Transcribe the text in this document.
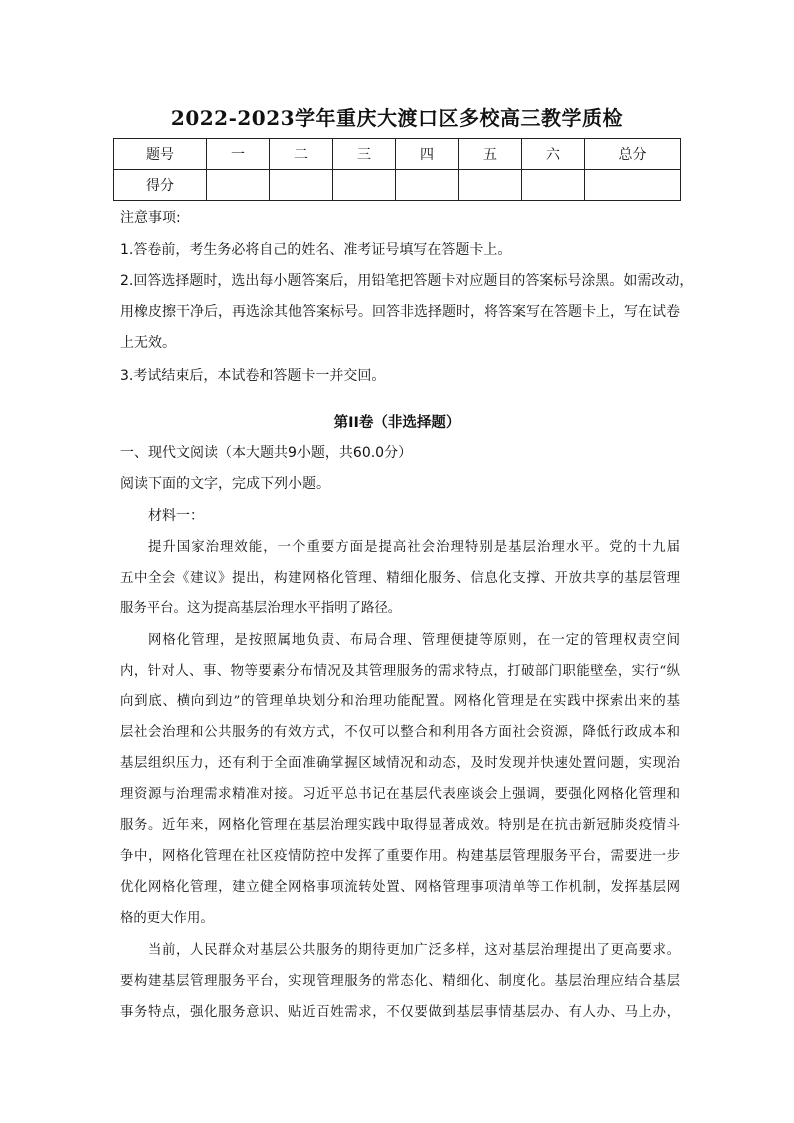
2022-2023学年重庆大渡口区多校高三教学质检
题号	一	二	三	四	五	六	总分
得分							
注意事项:
1.答卷前，考生务必将自己的姓名、准考证号填写在答题卡上。
2.回答选择题时，选出每小题答案后，用铅笔把答题卡对应题目的答案标号涂黑。如需改动，
用橡皮擦干净后，再选涂其他答案标号。回答非选择题时，将答案写在答题卡上，写在试卷
上无效。
3.考试结束后，本试卷和答题卡一并交回。
第II卷（非选择题）
一、现代文阅读（本大题共9小题，共60.0分）
阅读下面的文字，完成下列小题。
材料一：
提升国家治理效能，一个重要方面是提高社会治理特别是基层治理水平。党的十九届
五中全会《建议》提出，构建网格化管理、精细化服务、信息化支撑、开放共享的基层管理
服务平台。这为提高基层治理水平指明了路径。
网格化管理，是按照属地负责、布局合理、管理便捷等原则，在一定的管理权责空间
内，针对人、事、物等要素分布情况及其管理服务的需求特点，打破部门职能壁垒，实行“纵
向到底、横向到边”的管理单块划分和治理功能配置。网格化管理是在实践中探索出来的基
层社会治理和公共服务的有效方式，不仅可以整合和利用各方面社会资源，降低行政成本和
基层组织压力，还有利于全面准确掌握区域情况和动态，及时发现并快速处置问题，实现治
理资源与治理需求精准对接。习近平总书记在基层代表座谈会上强调，要强化网格化管理和
服务。近年来，网格化管理在基层治理实践中取得显著成效。特别是在抗击新冠肺炎疫情斗
争中，网格化管理在社区疫情防控中发挥了重要作用。构建基层管理服务平台，需要进一步
优化网格化管理，建立健全网格事项流转处置、网格管理事项清单等工作机制，发挥基层网
格的更大作用。
当前，人民群众对基层公共服务的期待更加广泛多样，这对基层治理提出了更高要求。
要构建基层管理服务平台，实现管理服务的常态化、精细化、制度化。基层治理应结合基层
事务特点，强化服务意识、贴近百姓需求，不仅要做到基层事情基层办、有人办、马上办，
